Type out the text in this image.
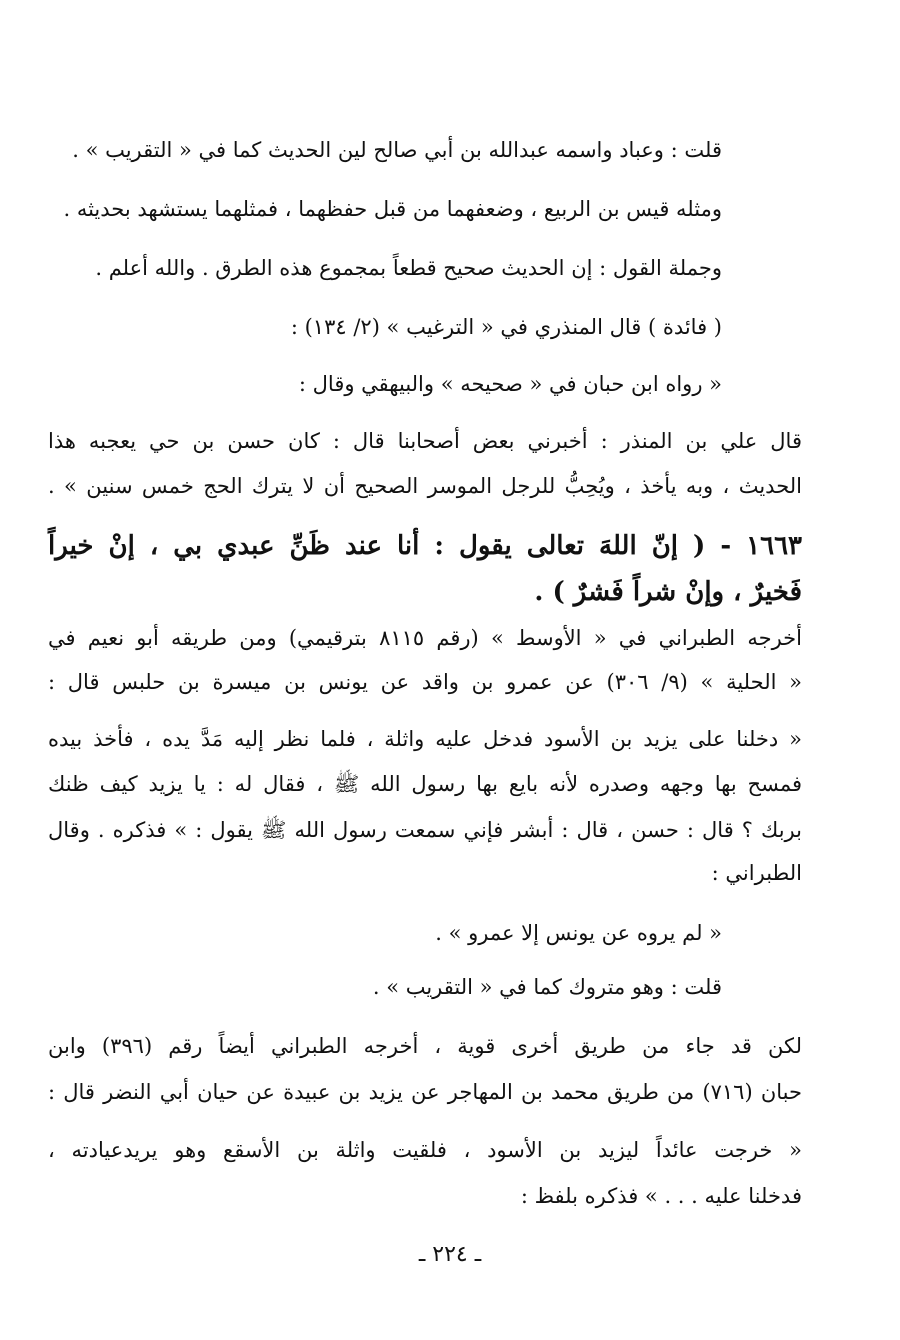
قلت : وعباد واسمه عبدالله بن أبي صالح لين الحديث كما في « التقريب » .
ومثله قيس بن الربيع ، وضعفهما من قبل حفظهما ، فمثلهما يستشهد بحديثه .
وجملة القول : إن الحديث صحيح قطعاً بمجموع هذه الطرق . والله أعلم .
( فائدة ) قال المنذري في « الترغيب » (٢/ ١٣٤) :
« رواه ابن حبان في « صحيحه » والبيهقي وقال :
قال علي بن المنذر : أخبرني بعض أصحابنا قال : كان حسن بن حي يعجبه هذا
الحديث ، وبه يأخذ ، ويُحِبُّ للرجل الموسر الصحيح أن لا يترك الحج خمس سنين » .
١٦٦٣ - ( إنّ اللهَ تعالى يقول : أنا عند ظَنِّ عبدي بي ، إنْ خيراً
فَخيرٌ ، وإنْ شراً فَشرٌ ) .
أخرجه الطبراني في « الأوسط » (رقم ٨١١٥ بترقيمي) ومن طريقه أبو نعيم في
« الحلية » (٩/ ٣٠٦) عن عمرو بن واقد عن يونس بن ميسرة بن حلبس قال :
« دخلنا على يزيد بن الأسود فدخل عليه واثلة ، فلما نظر إليه مَدَّ يده ، فأخذ بيده
فمسح بها وجهه وصدره لأنه بايع بها رسول الله ﷺ ، فقال له : يا يزيد كيف ظنك
بربك ؟ قال : حسن ، قال : أبشر فإني سمعت رسول الله ﷺ يقول : » فذكره . وقال
الطبراني :
« لم يروه عن يونس إلا عمرو » .
قلت : وهو متروك كما في « التقريب » .
لكن قد جاء من طريق أخرى قوية ، أخرجه الطبراني أيضاً رقم (٣٩٦) وابن
حبان (٧١٦) من طريق محمد بن المهاجر عن يزيد بن عبيدة عن حيان أبي النضر قال :
« خرجت عائداً ليزيد بن الأسود ، فلقيت واثلة بن الأسقع وهو يريدعيادته ،
فدخلنا عليه . . . » فذكره بلفظ :
ـ ٢٢٤ ـ
